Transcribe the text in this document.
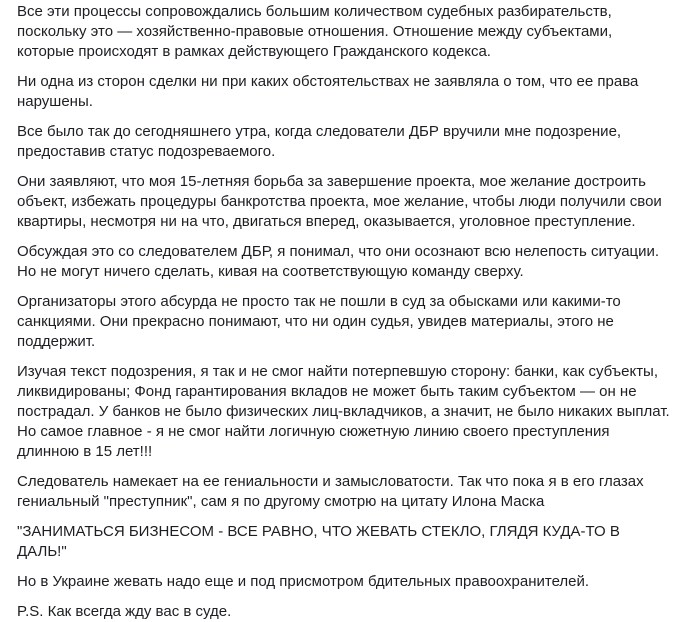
Все эти процессы сопровождались большим количеством судебных разбирательств, поскольку это — хозяйственно-правовые отношения. Отношение между субъектами, которые происходят в рамках действующего Гражданского кодекса.

Ни одна из сторон сделки ни при каких обстоятельствах не заявляла о том, что ее права нарушены.

Все было так до сегодняшнего утра, когда следователи ДБР вручили мне подозрение, предоставив статус подозреваемого.

Они заявляют, что моя 15-летняя борьба за завершение проекта, мое желание достроить объект, избежать процедуры банкротства проекта, мое желание, чтобы люди получили свои квартиры, несмотря ни на что, двигаться вперед, оказывается, уголовное преступление.

Обсуждая это со следователем ДБР, я понимал, что они осознают всю нелепость ситуации. Но не могут ничего сделать, кивая на соответствующую команду сверху.

Организаторы этого абсурда не просто так не пошли в суд за обысками или какими-то санкциями. Они прекрасно понимают, что ни один судья, увидев материалы, этого не поддержит.

Изучая текст подозрения, я так и не смог найти потерпевшую сторону: банки, как субъекты, ликвидированы; Фонд гарантирования вкладов не может быть таким субъектом — он не пострадал. У банков не было физических лиц-вкладчиков, а значит, не было никаких выплат.

Но самое главное - я не смог найти логичную сюжетную линию своего преступления длинною в 15 лет!!!

Следователь намекает на ее гениальности и замысловатости. Так что пока я в его глазах гениальный "преступник", сам я по другому смотрю на цитату Илона Маска

"ЗАНИМАТЬСЯ БИЗНЕСОМ - ВСЕ РАВНО, ЧТО ЖЕВАТЬ СТЕКЛО, ГЛЯДЯ КУДА-ТО В ДАЛЬ!"

Но в Украине жевать надо еще и под присмотром бдительных правоохранителей.

P.S. Как всегда жду вас в суде.
